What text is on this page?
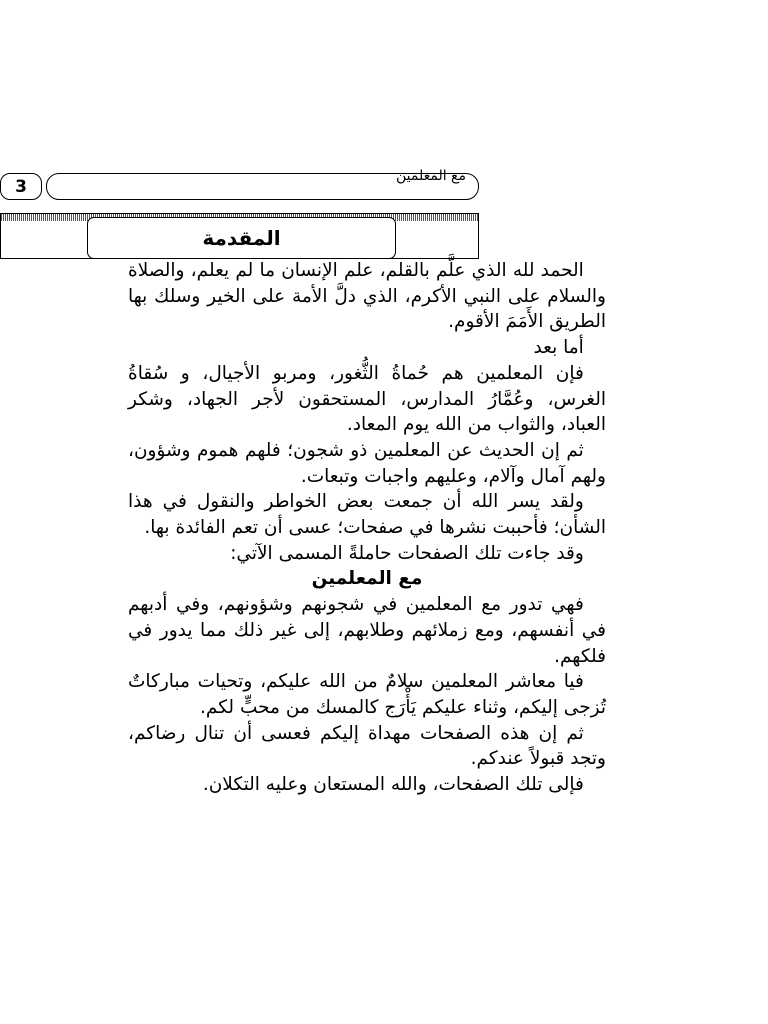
3
مع المعلمين
المقدمة

الحمد لله الذي علَّم بالقلم، علم الإنسان ما لم يعلم، والصلاة والسلام على النبي الأكرم، الذي دلَّ الأمة على الخير وسلك بها الطريق الأَمَمَ الأقوم.

أما بعد

فإن المعلمين هم حُماةُ الثُّغور، ومربو الأجيال، و سُقاةُ الغرس، وعُمَّارُ المدارس، المستحقون لأجر الجهاد، وشكر العباد، والثواب من الله يوم المعاد.

ثم إن الحديث عن المعلمين ذو شجون؛ فلهم هموم وشؤون، ولهم آمال وآلام، وعليهم واجبات وتبعات.

ولقد يسر الله أن جمعت بعض الخواطر والنقول في هذا الشأن؛ فأحببت نشرها في صفحات؛ عسى أن تعم الفائدة بها.

وقد جاءت تلك الصفحات حاملةً المسمى الآتي:

مع المعلمين

فهي تدور مع المعلمين في شجونهم وشؤونهم، وفي أدبهم في أنفسهم، ومع زملائهم وطلابهم، إلى غير ذلك مما يدور في فلكهم.

فيا معاشر المعلمين سلامٌ من الله عليكم، وتحيات مباركاتٌ تُزجى إليكم، وثناء عليكم يَأْرَج كالمسك من محبٍّ لكم.

ثم إن هذه الصفحات مهداة إليكم فعسى أن تنال رضاكم، وتجد قبولاً عندكم.

فإلى تلك الصفحات، والله المستعان وعليه التكلان.
